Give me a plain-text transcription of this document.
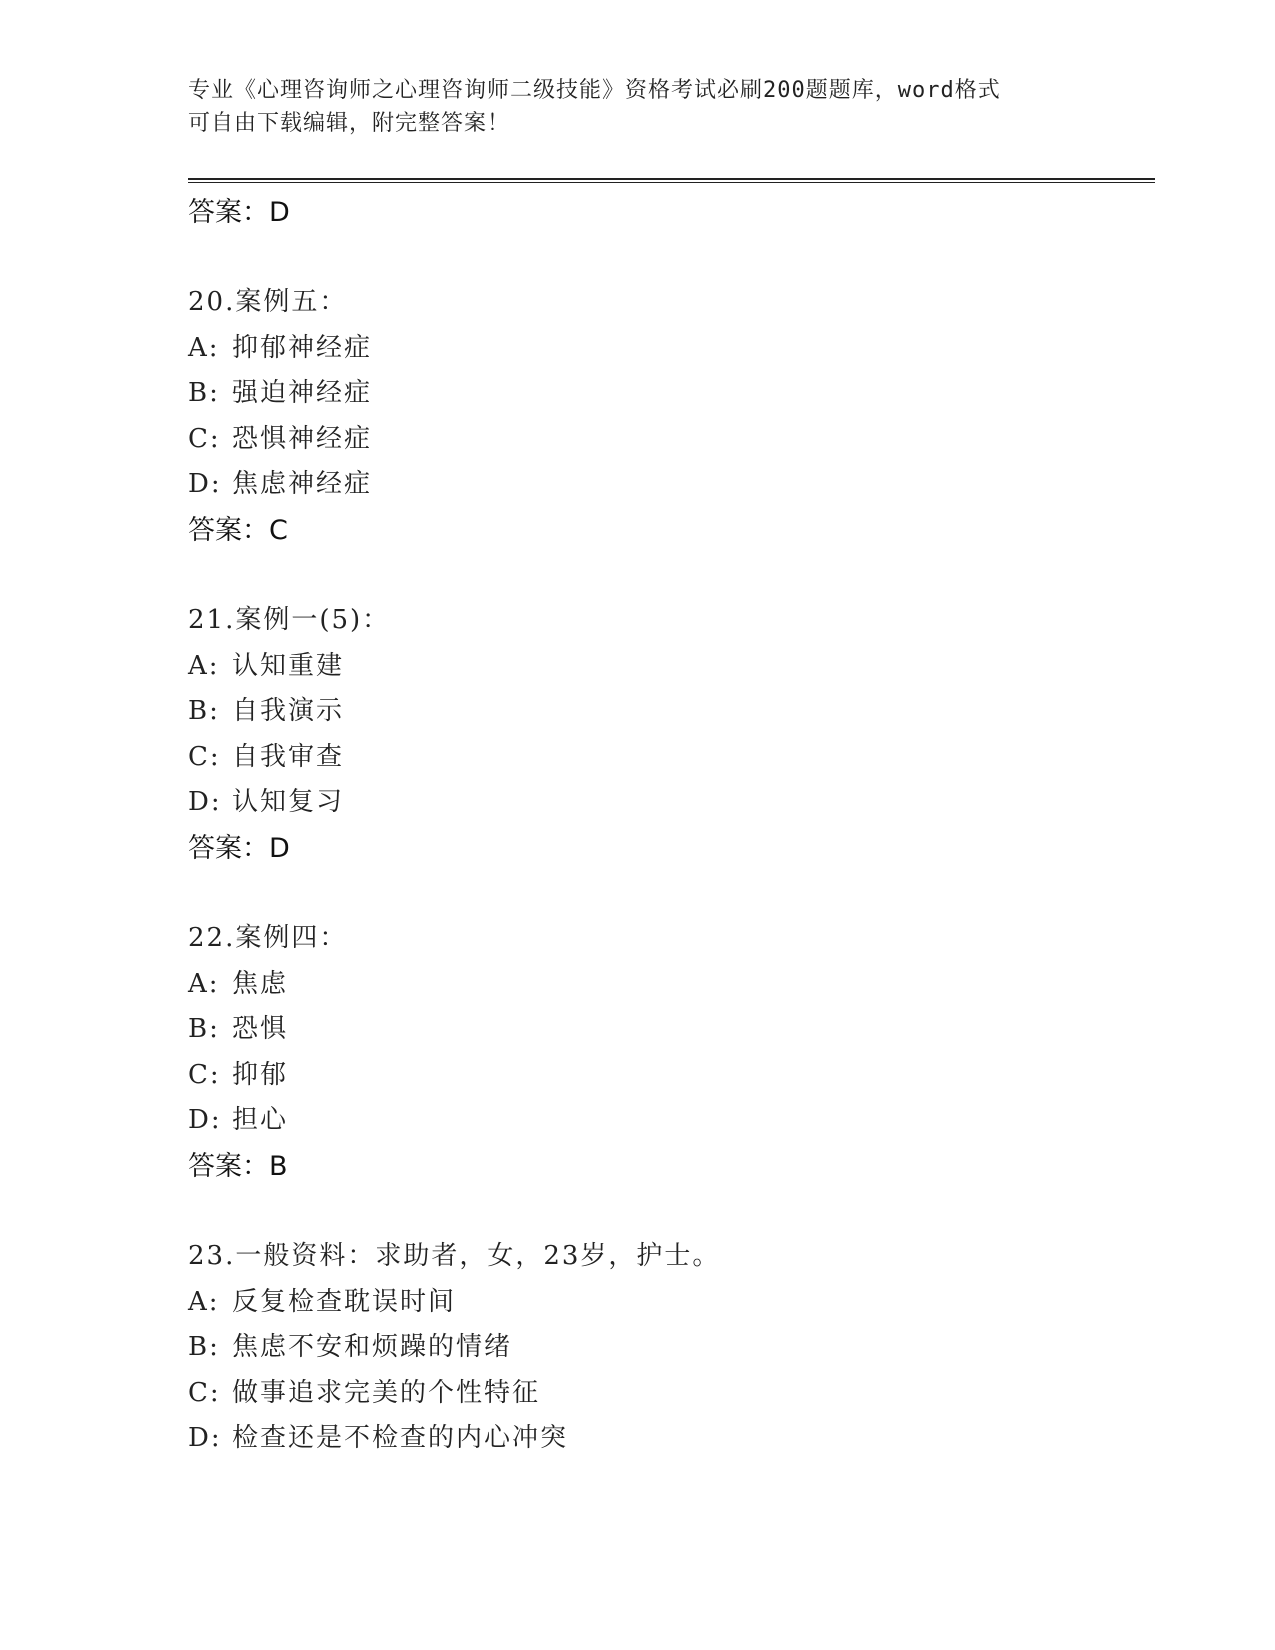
专业《心理咨询师之心理咨询师二级技能》资格考试必刷200题题库，word格式
可自由下载编辑，附完整答案！
答案：D
20.案例五：
A: 抑郁神经症
B: 强迫神经症
C: 恐惧神经症
D: 焦虑神经症
答案：C
21.案例一(5)：
A: 认知重建
B: 自我演示
C: 自我审查
D: 认知复习
答案：D
22.案例四：
A: 焦虑
B: 恐惧
C: 抑郁
D: 担心
答案：B
23.一般资料：求助者，女，23岁，护士。
A: 反复检查耽误时间
B: 焦虑不安和烦躁的情绪
C: 做事追求完美的个性特征
D: 检查还是不检查的内心冲突
